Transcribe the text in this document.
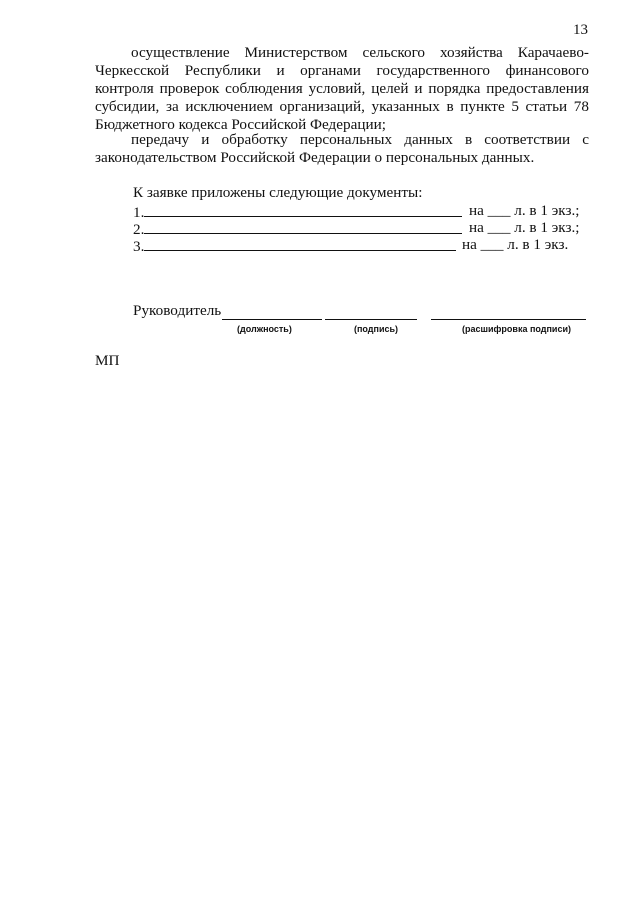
13

осуществление Министерством сельского хозяйства Карачаево-Черкесской Республики и органами государственного финансового контроля проверок соблюдения условий, целей и порядка предоставления субсидии, за исключением организаций, указанных в пункте 5 статьи 78 Бюджетного кодекса Российской Федерации;

передачу и обработку персональных данных в соответствии с законодательством Российской Федерации о персональных данных.

К заявке приложены следующие документы:
1.	на ___ л. в 1 экз.;
2.	на ___ л. в 1 экз.;
3.	на ___ л. в 1 экз.
Руководитель
(должность)	(подпись)	(расшифровка подписи)
МП
